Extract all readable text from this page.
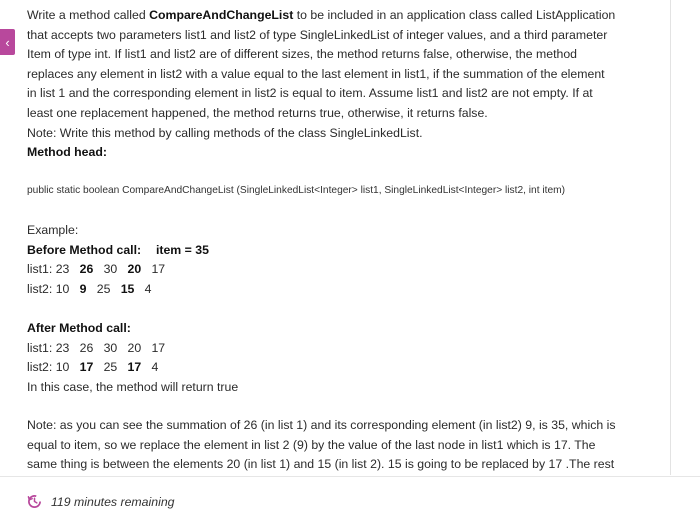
‹
Write a method called CompareAndChangeList to be included in an application class called ListApplication
that accepts two parameters list1 and list2 of type SingleLinkedList of integer values, and a third parameter
Item of type int. If list1 and list2 are of different sizes, the method returns false, otherwise, the method
replaces any element in list2 with a value equal to the last element in list1, if the summation of the element
in list 1 and the corresponding element in list2 is equal to item. Assume list1 and list2 are not empty. If at
least one replacement happened, the method returns true, otherwise, it returns false.
Note: Write this method by calling methods of the class SingleLinkedList.
Method head:
public static boolean CompareAndChangeList (SingleLinkedList<Integer> list1, SingleLinkedList<Integer> list2, int item)
Example:
Before Method call: item = 35
list1: 23 26 30 20 17
list2: 10 9 25 15 4
After Method call:
list1: 23 26 30 20 17
list2: 10 17 25 17 4
In this case, the method will return true
Note: as you can see the summation of 26 (in list 1) and its corresponding element (in list2) 9, is 35, which is
equal to item, so we replace the element in list 2 (9) by the value of the last node in list1 which is 17. The
same thing is between the elements 20 (in list 1) and 15 (in list 2). 15 is going to be replaced by 17 .The rest
119 minutes remaining
